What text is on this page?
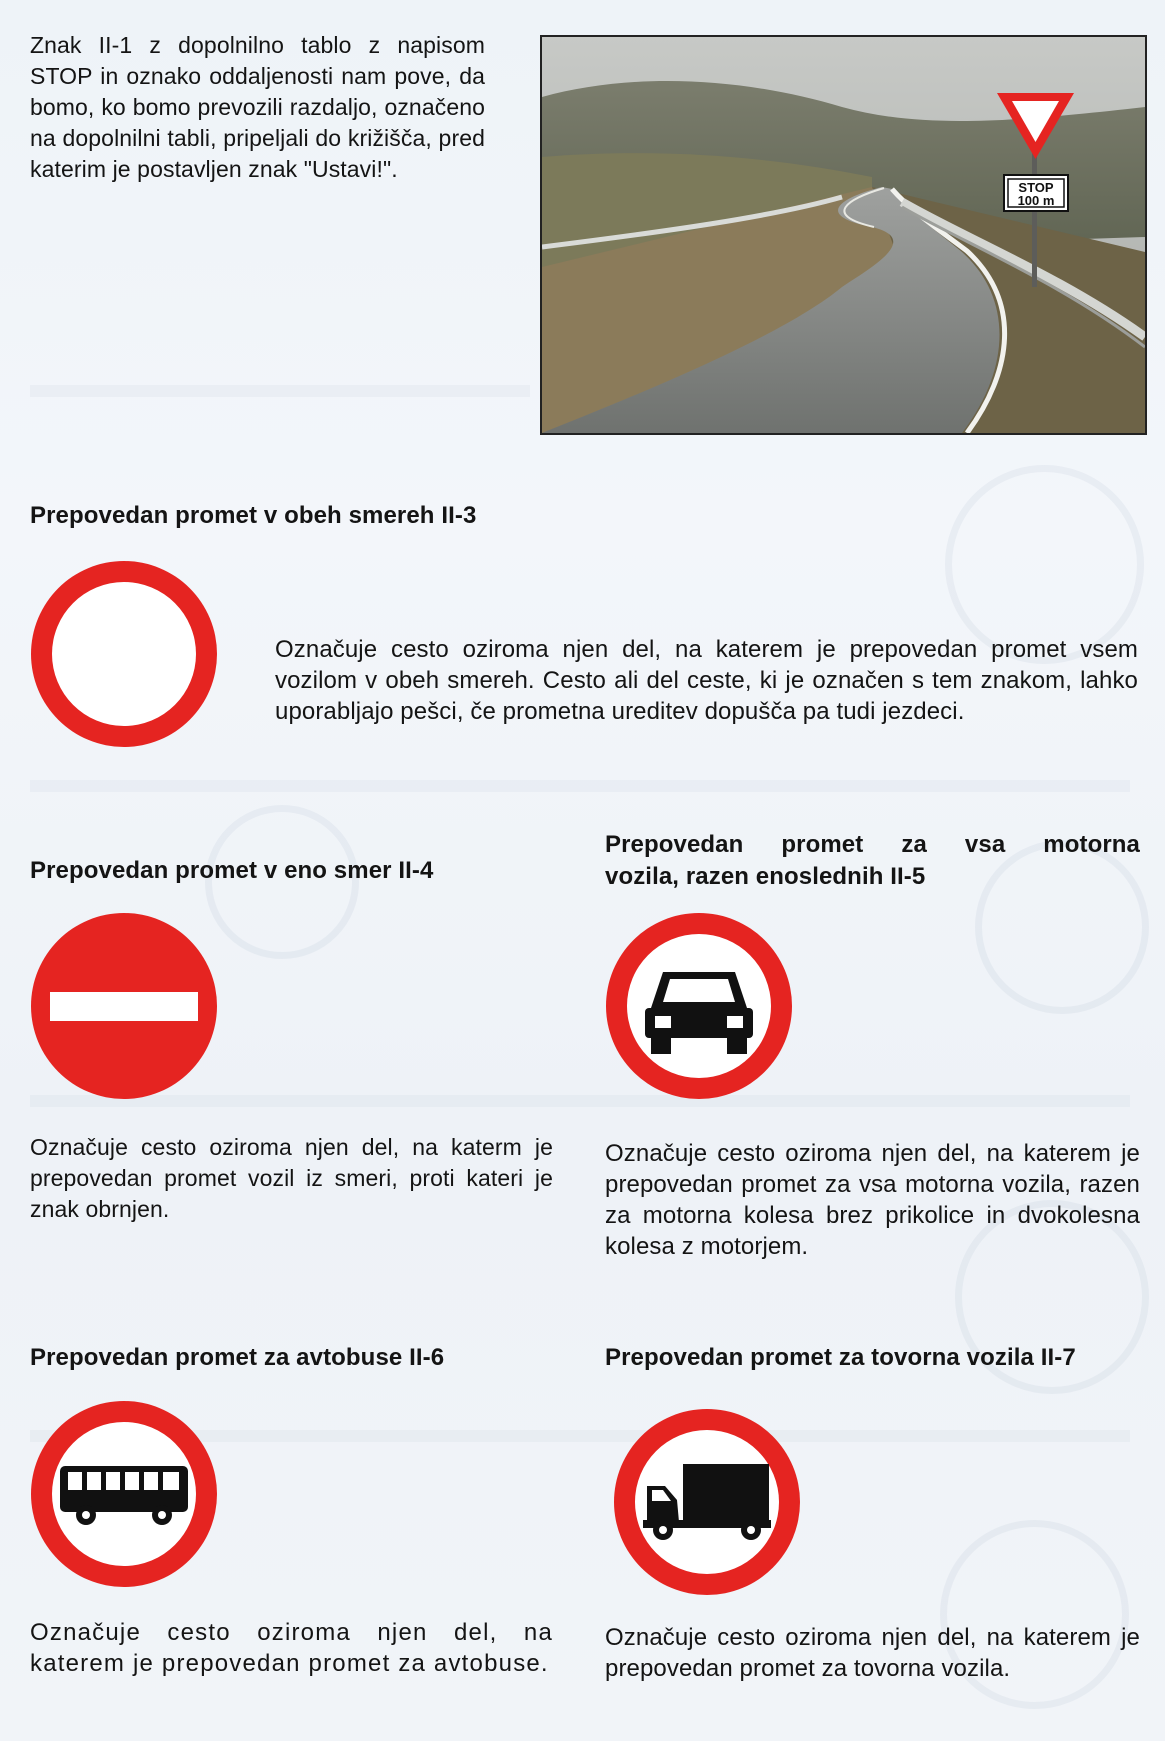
Znak II-1 z dopolnilno tablo z napisom STOP in oznako oddaljenosti nam pove, da bomo, ko bomo prevozili razdaljo, označeno na dopolnilni tabli, pripeljali do križišča, pred katerim je postavljen znak "Ustavi!".

STOP
100 m

Prepovedan promet v obeh smereh II-3

Označuje cesto oziroma njen del, na katerem je prepovedan promet vsem vozilom v obeh smereh. Cesto ali del ceste, ki je označen s tem znakom, lahko uporabljajo pešci, če prometna ureditev dopušča pa tudi jezdeci.

Prepovedan promet v eno smer II-4

Označuje cesto oziroma njen del, na katerm je prepovedan promet vozil iz smeri, proti kateri je znak obrnjen.

Prepovedan promet za vsa motorna

vozila, razen enoslednih II-5

Označuje cesto oziroma njen del, na katerem je prepovedan promet za vsa motorna vozila, razen za motorna kolesa brez prikolice in dvokolesna kolesa z motorjem.

Prepovedan promet za avtobuse II-6

Označuje cesto oziroma njen del, na katerem je prepovedan promet za avtobuse.

Prepovedan promet za tovorna vozila II-7

Označuje cesto oziroma njen del, na katerem je prepovedan promet za tovorna vozila.
